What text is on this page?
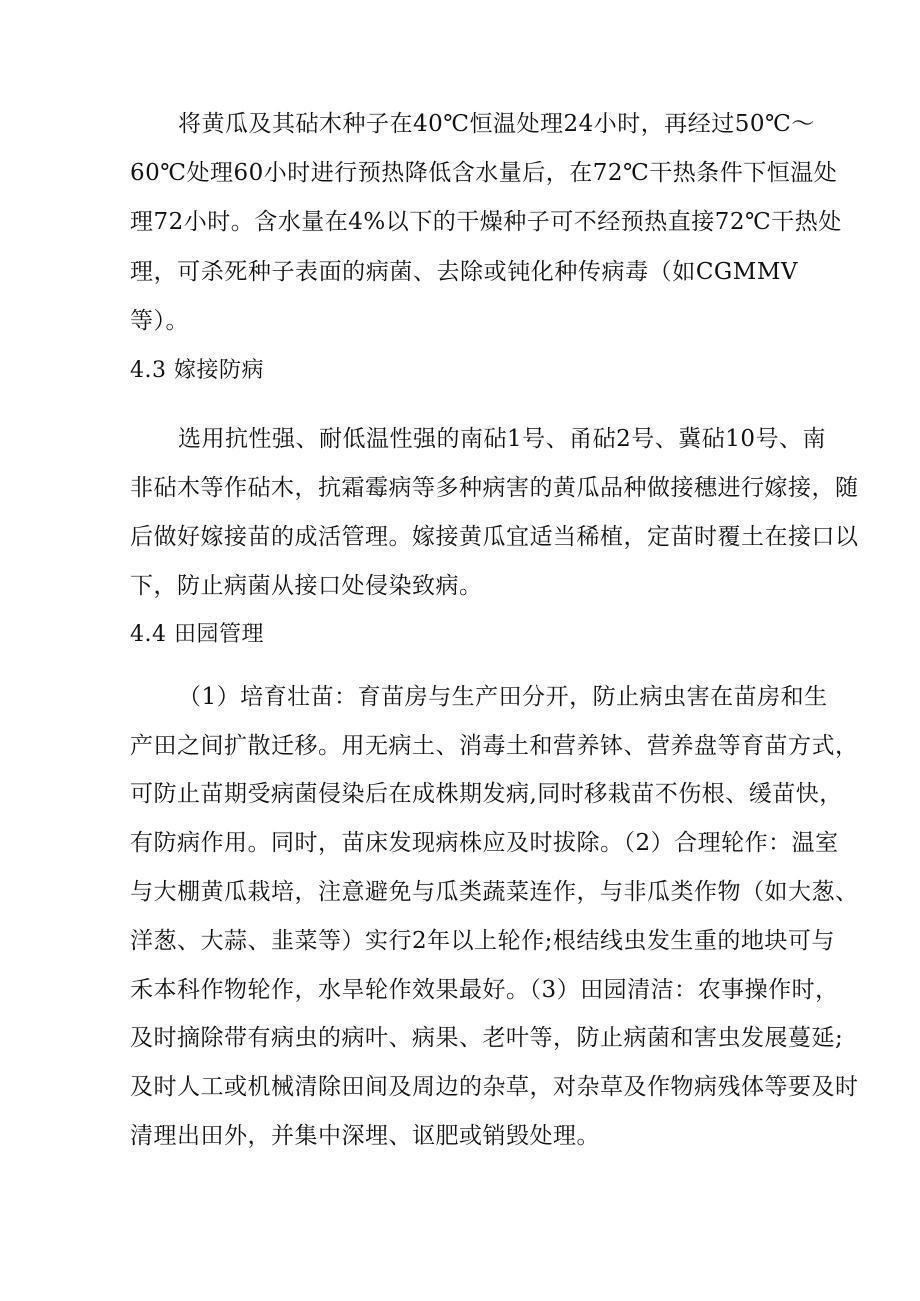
将黄瓜及其砧木种子在40℃恒温处理24小时，再经过50℃～
60℃处理60小时进行预热降低含水量后，在72℃干热条件下恒温处
理72小时。含水量在4%以下的干燥种子可不经预热直接72℃干热处
理，可杀死种子表面的病菌、去除或钝化种传病毒（如CGMMV
等）。
4.3 嫁接防病
选用抗性强、耐低温性强的南砧1号、甬砧2号、冀砧10号、南
非砧木等作砧木，抗霜霉病等多种病害的黄瓜品种做接穗进行嫁接，随
后做好嫁接苗的成活管理。嫁接黄瓜宜适当稀植，定苗时覆土在接口以
下，防止病菌从接口处侵染致病。
4.4 田园管理
（1）培育壮苗：育苗房与生产田分开，防止病虫害在苗房和生
产田之间扩散迁移。用无病土、消毒土和营养钵、营养盘等育苗方式，
可防止苗期受病菌侵染后在成株期发病,同时移栽苗不伤根、缓苗快，
有防病作用。同时，苗床发现病株应及时拔除。（2）合理轮作：温室
与大棚黄瓜栽培，注意避免与瓜类蔬菜连作，与非瓜类作物（如大葱、
洋葱、大蒜、韭菜等）实行2年以上轮作;根结线虫发生重的地块可与
禾本科作物轮作，水旱轮作效果最好。（3）田园清洁：农事操作时，
及时摘除带有病虫的病叶、病果、老叶等，防止病菌和害虫发展蔓延;
及时人工或机械清除田间及周边的杂草，对杂草及作物病残体等要及时
清理出田外，并集中深埋、讴肥或销毁处理。
